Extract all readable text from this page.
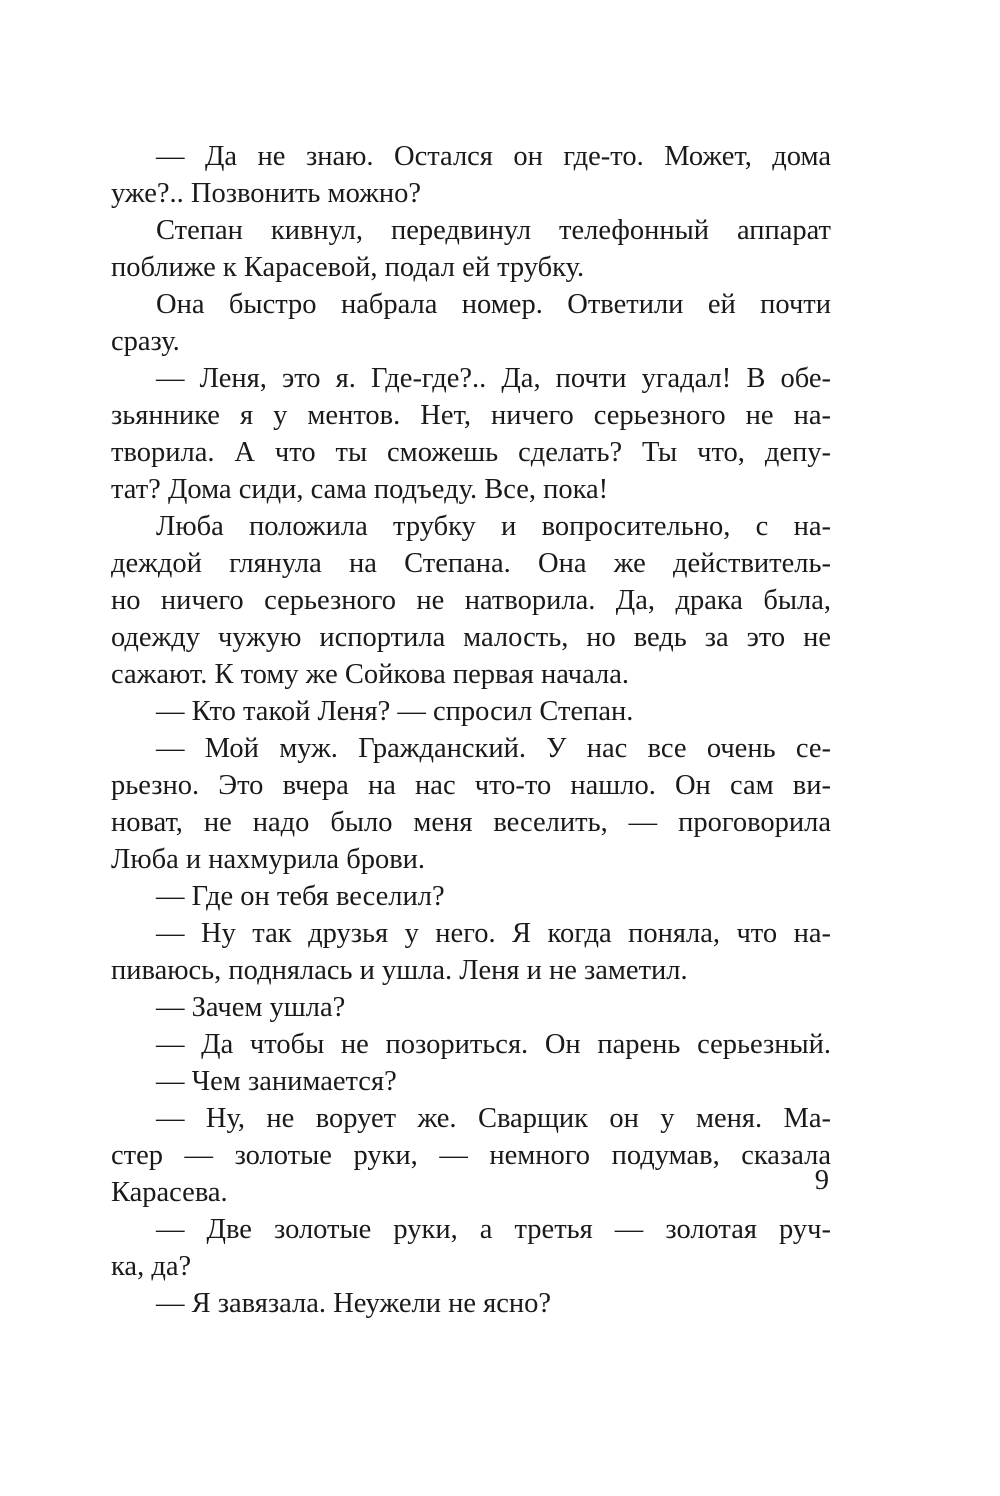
— Да не знаю. Остался он где-то. Может, дома
уже?.. Позвонить можно?
Степан кивнул, передвинул телефонный аппарат
поближе к Карасевой, подал ей трубку.
Она быстро набрала номер. Ответили ей почти
сразу.
— Леня, это я. Где-где?.. Да, почти угадал! В обе-
зьяннике я у ментов. Нет, ничего серьезного не на-
творила. А что ты сможешь сделать? Ты что, депу-
тат? Дома сиди, сама подъеду. Все, пока!
Люба положила трубку и вопросительно, с на-
деждой глянула на Степана. Она же действитель-
но ничего серьезного не натворила. Да, драка была,
одежду чужую испортила малость, но ведь за это не
сажают. К тому же Сойкова первая начала.
— Кто такой Леня? — спросил Степан.
— Мой муж. Гражданский. У нас все очень се-
рьезно. Это вчера на нас что-то нашло. Он сам ви-
новат, не надо было меня веселить, — проговорила
Люба и нахмурила брови.
— Где он тебя веселил?
— Ну так друзья у него. Я когда поняла, что на-
пиваюсь, поднялась и ушла. Леня и не заметил.
— Зачем ушла?
— Да чтобы не позориться. Он парень серьезный.
— Чем занимается?
— Ну, не ворует же. Сварщик он у меня. Ма-
стер — золотые руки, — немного подумав, сказала
Карасева.
— Две золотые руки, а третья — золотая руч-
ка, да?
— Я завязала. Неужели не ясно?
9
